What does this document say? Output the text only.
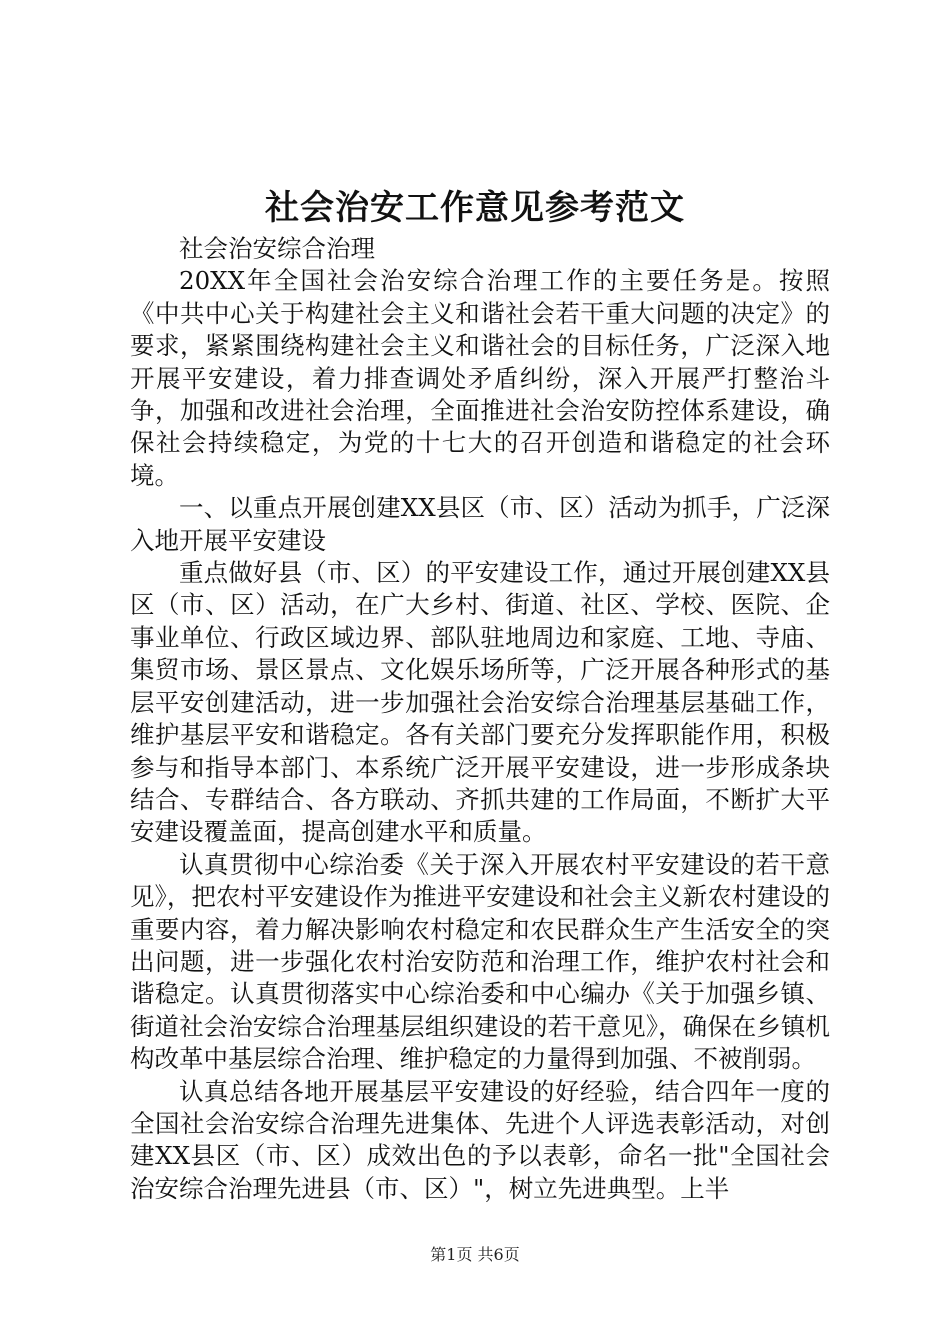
社会治安工作意见参考范文

社会治安综合治理

20XX年全国社会治安综合治理工作的主要任务是。按照《中共中心关于构建社会主义和谐社会若干重大问题的决定》的要求，紧紧围绕构建社会主义和谐社会的目标任务，广泛深入地开展平安建设，着力排查调处矛盾纠纷，深入开展严打整治斗争，加强和改进社会治理，全面推进社会治安防控体系建设，确保社会持续稳定，为党的十七大的召开创造和谐稳定的社会环境。

一、以重点开展创建XX县区（市、区）活动为抓手，广泛深入地开展平安建设

重点做好县（市、区）的平安建设工作，通过开展创建XX县区（市、区）活动，在广大乡村、街道、社区、学校、医院、企事业单位、行政区域边界、部队驻地周边和家庭、工地、寺庙、集贸市场、景区景点、文化娱乐场所等，广泛开展各种形式的基层平安创建活动，进一步加强社会治安综合治理基层基础工作，维护基层平安和谐稳定。各有关部门要充分发挥职能作用，积极参与和指导本部门、本系统广泛开展平安建设，进一步形成条块结合、专群结合、各方联动、齐抓共建的工作局面，不断扩大平安建设覆盖面，提高创建水平和质量。

认真贯彻中心综治委《关于深入开展农村平安建设的若干意见》，把农村平安建设作为推进平安建设和社会主义新农村建设的重要内容，着力解决影响农村稳定和农民群众生产生活安全的突出问题，进一步强化农村治安防范和治理工作，维护农村社会和谐稳定。认真贯彻落实中心综治委和中心编办《关于加强乡镇、街道社会治安综合治理基层组织建设的若干意见》，确保在乡镇机构改革中基层综合治理、维护稳定的力量得到加强、不被削弱。

认真总结各地开展基层平安建设的好经验，结合四年一度的全国社会治安综合治理先进集体、先进个人评选表彰活动，对创建XX县区（市、区）成效出色的予以表彰，命名一批"全国社会治安综合治理先进县（市、区）"，树立先进典型。上半

第1页 共6页
